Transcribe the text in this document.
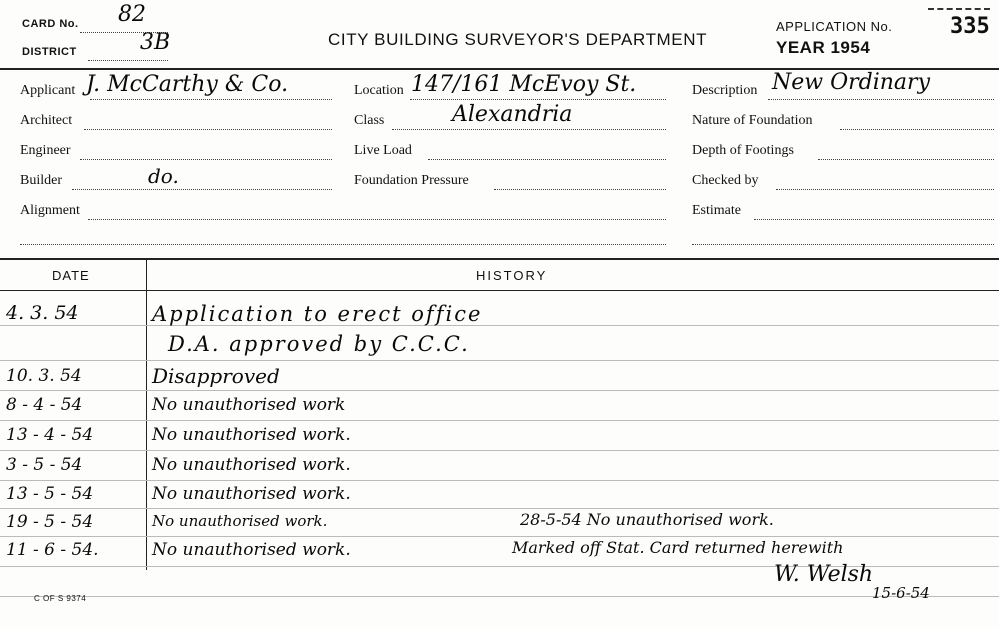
CARD No. 82
DISTRICT	3B	CITY BUILDING SURVEYOR'S DEPARTMENT
APPLICATION No.	335
YEAR 1954
Applicant J. McCarthy & Co.
Architect
Engineer
Builder	do.
Alignment
Location 147/161 McEvoy St.
Class	Alexandria
Live Load
Foundation Pressure
Description New Ordinary
Nature of Foundation
Depth of Footings
Checked by
Estimate
DATE	HISTORY
4. 3. 54	Application to erect office
D.A. approved by C.C.C.
10. 3. 54	Disapproved
8 - 4 - 54	No unauthorised work
13 - 4 - 54	No unauthorised work.
3 - 5 - 54	No unauthorised work.
13 - 5 - 54	No unauthorised work.
19 - 5 - 54	No unauthorised work.	28-5-54 No unauthorised work.
11 - 6 - 54.	No unauthorised work.	Marked off Stat. Card returned herewith
W. Welsh
15-6-54
C OF S 9374
